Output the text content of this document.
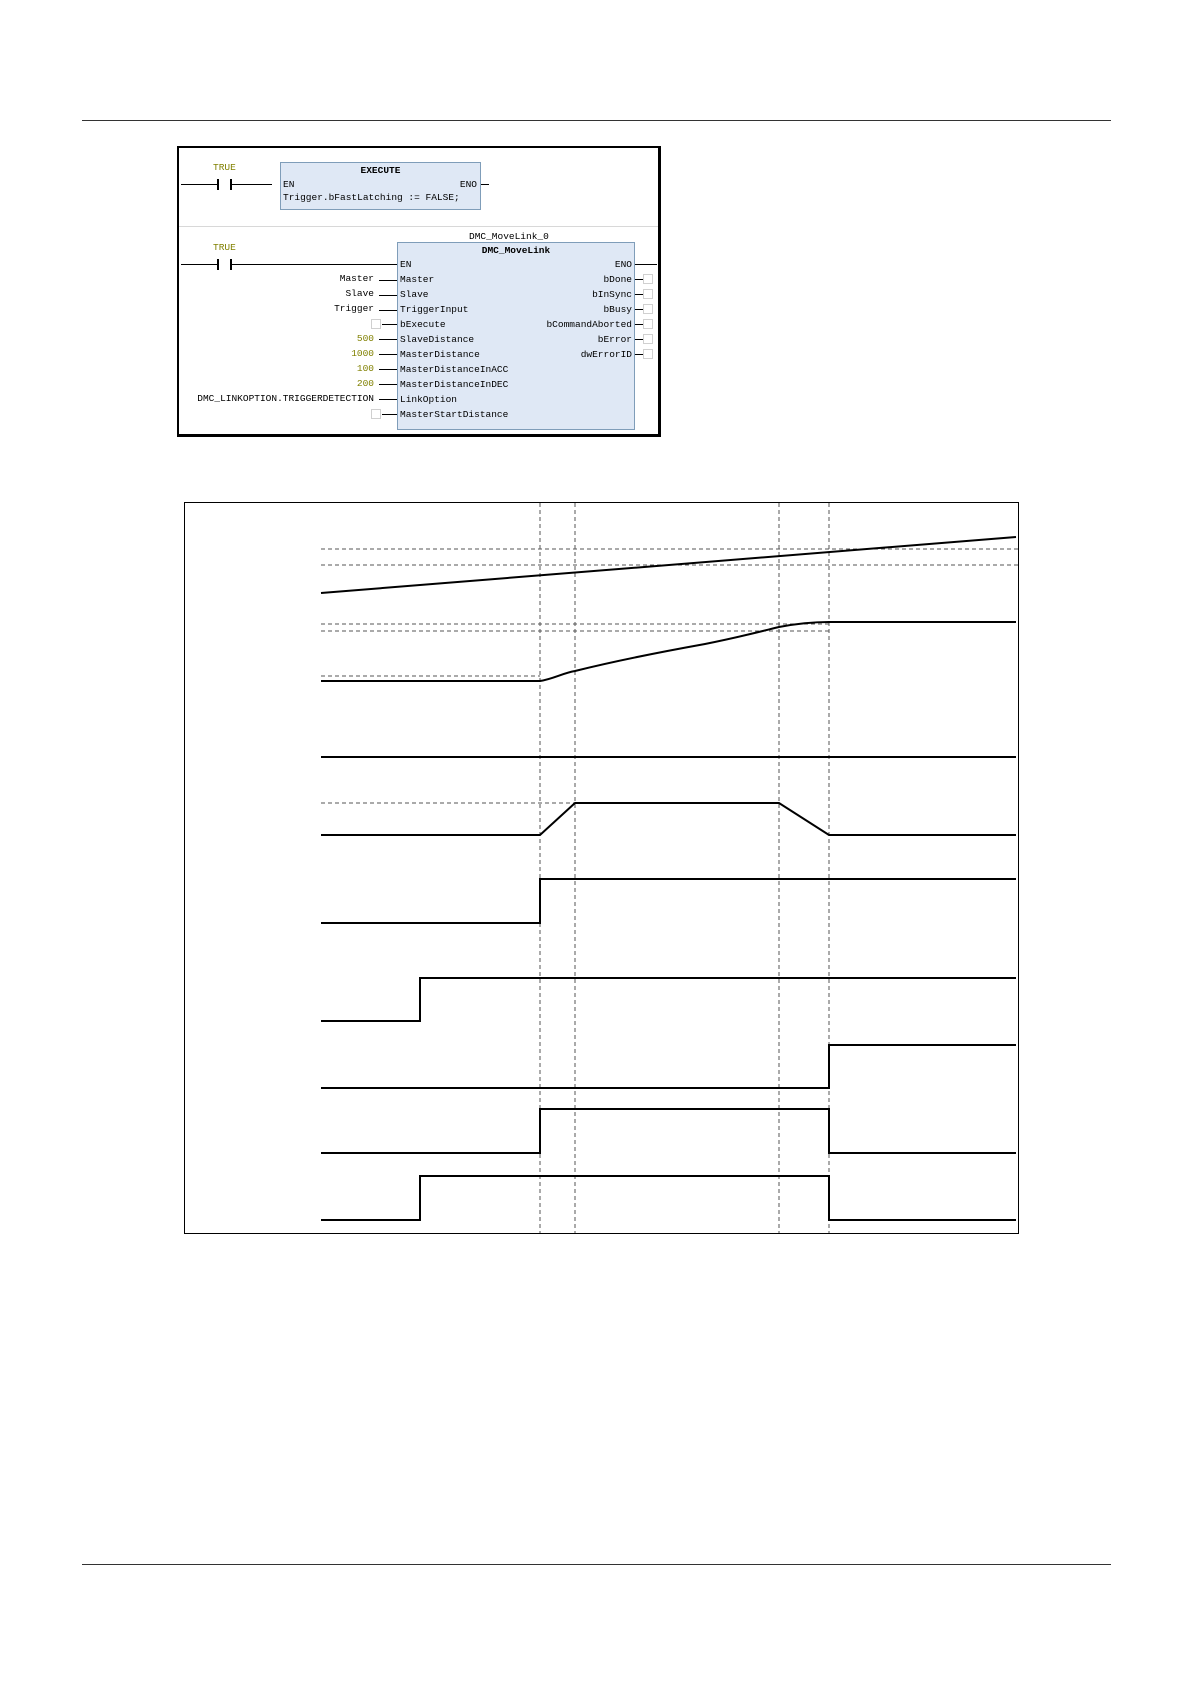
TRUE	EXECUTE
EN	ENO
Trigger.bFastLatching := FALSE;
DMC_MoveLink_0
TRUE	DMC_MoveLink
EN
Master
Slave
TriggerInput
bExecute
SlaveDistance
MasterDistance
MasterDistanceInACC
MasterDistanceInDEC
LinkOption
MasterStartDistance
ENO
bDone
bInSync
bBusy
bCommandAborted
bError
dwErrorID
Master
Slave
Trigger
500
1000
100
200
DMC_LINKOPTION.TRIGGERDETECTION
